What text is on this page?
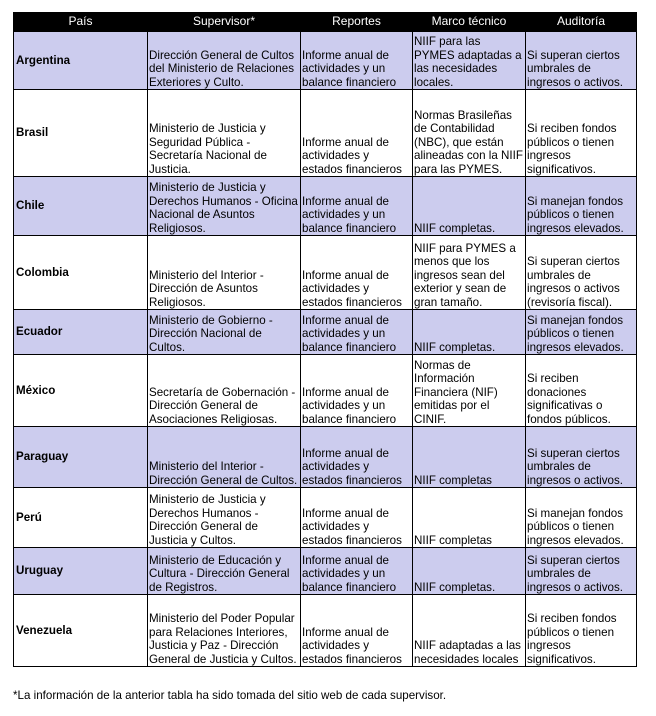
País	Supervisor*	Reportes	Marco técnico	Auditoría
Argentina	Dirección General de Cultos del Ministerio de Relaciones Exteriores y Culto.	Informe anual de actividades y un balance financiero	NIIF para las PYMES adaptadas a las necesidades locales.	Si superan ciertos umbrales de ingresos o activos.
Brasil	Ministerio de Justicia y Seguridad Pública - Secretaría Nacional de Justicia.	Informe anual de actividades y estados financieros	Normas Brasileñas de Contabilidad (NBC), que están alineadas con la NIIF para las PYMES.	Si reciben fondos públicos o tienen ingresos significativos.
Chile	Ministerio de Justicia y Derechos Humanos - Oficina Nacional de Asuntos Religiosos.	Informe anual de actividades y un balance financiero	NIIF completas.	Si manejan fondos públicos o tienen ingresos elevados.
Colombia	Ministerio del Interior - Dirección de Asuntos Religiosos.	Informe anual de actividades y estados financieros	NIIF para PYMES a menos que los ingresos sean del exterior y sean de gran tamaño.	Si superan ciertos umbrales de ingresos o activos (revisoría fiscal).
Ecuador	Ministerio de Gobierno - Dirección Nacional de Cultos.	Informe anual de actividades y un balance financiero	NIIF completas.	Si manejan fondos públicos o tienen ingresos elevados.
México	Secretaría de Gobernación - Dirección General de Asociaciones Religiosas.	Informe anual de actividades y un balance financiero	Normas de Información Financiera (NIF) emitidas por el CINIF.	Si reciben donaciones significativas o fondos públicos.
Paraguay	Ministerio del Interior - Dirección General de Cultos.	Informe anual de actividades y estados financieros	NIIF completas	Si superan ciertos umbrales de ingresos o activos.
Perú	Ministerio de Justicia y Derechos Humanos - Dirección General de Justicia y Cultos.	Informe anual de actividades y estados financieros	NIIF completas	Si manejan fondos públicos o tienen ingresos elevados.
Uruguay	Ministerio de Educación y Cultura - Dirección General de Registros.	Informe anual de actividades y un balance financiero	NIIF completas.	Si superan ciertos umbrales de ingresos o activos.
Venezuela	Ministerio del Poder Popular para Relaciones Interiores, Justicia y Paz - Dirección General de Justicia y Cultos.	Informe anual de actividades y estados financieros	NIIF adaptadas a las necesidades locales	Si reciben fondos públicos o tienen ingresos significativos.
*La información de la anterior tabla ha sido tomada del sitio web de cada supervisor.
